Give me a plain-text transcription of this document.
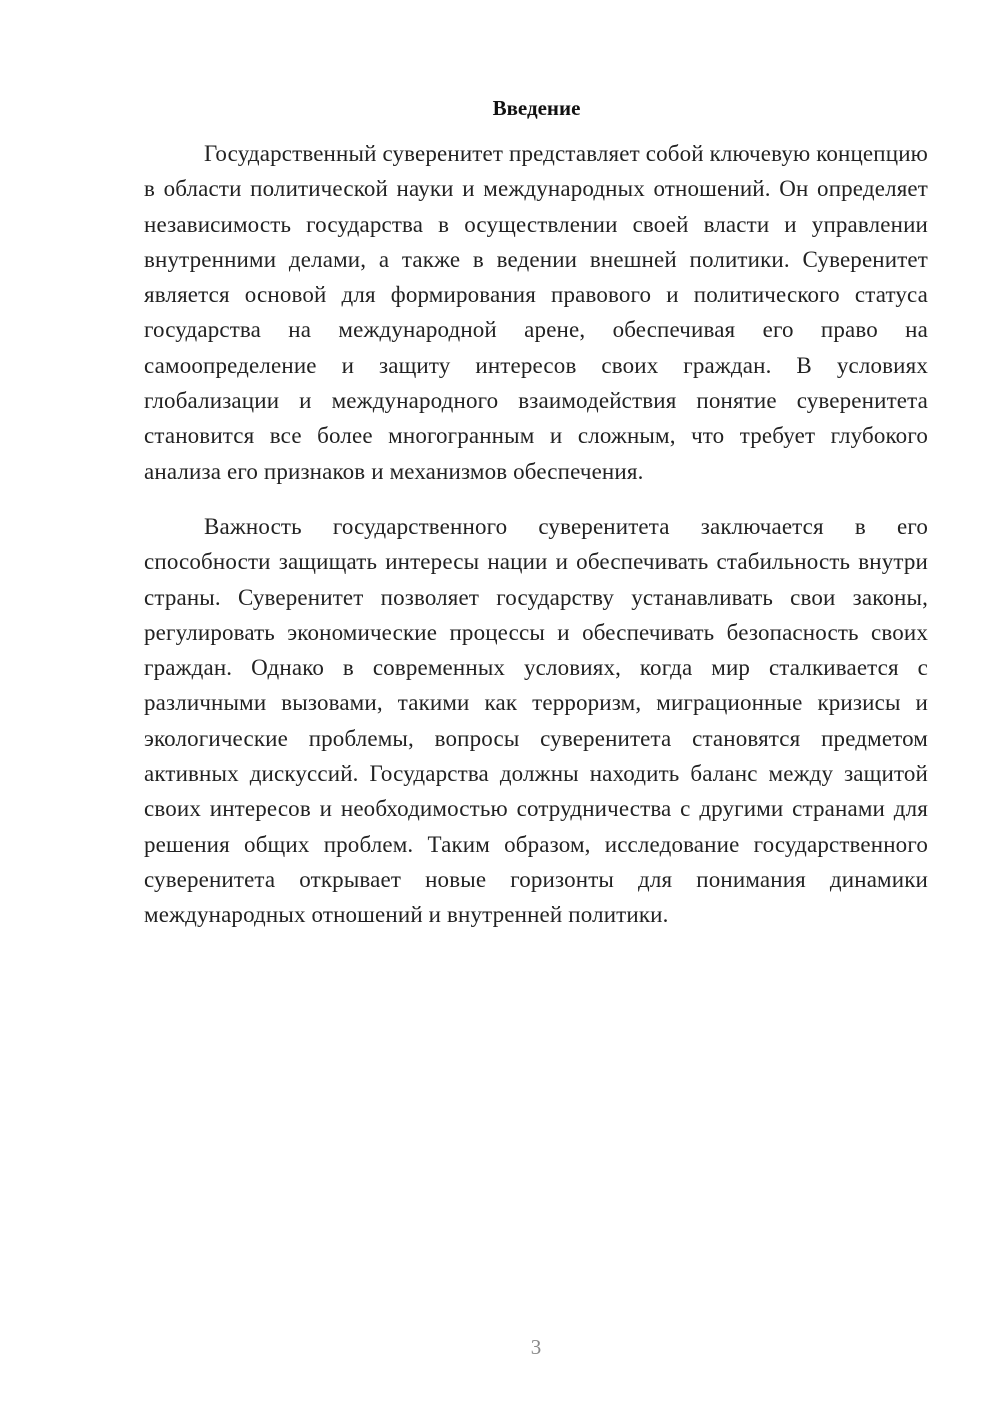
Введение

Государственный суверенитет представляет собой ключевую концепцию в области политической науки и международных отношений. Он определяет независимость государства в осуществлении своей власти и управлении внутренними делами, а также в ведении внешней политики. Суверенитет является основой для формирования правового и политического статуса государства на международной арене, обеспечивая его право на самоопределение и защиту интересов своих граждан. В условиях глобализации и международного взаимодействия понятие суверенитета становится все более многогранным и сложным, что требует глубокого анализа его признаков и механизмов обеспечения.

Важность государственного суверенитета заключается в его способности защищать интересы нации и обеспечивать стабильность внутри страны. Суверенитет позволяет государству устанавливать свои законы, регулировать экономические процессы и обеспечивать безопасность своих граждан. Однако в современных условиях, когда мир сталкивается с различными вызовами, такими как терроризм, миграционные кризисы и экологические проблемы, вопросы суверенитета становятся предметом активных дискуссий. Государства должны находить баланс между защитой своих интересов и необходимостью сотрудничества с другими странами для решения общих проблем. Таким образом, исследование государственного суверенитета открывает новые горизонты для понимания динамики международных отношений и внутренней политики.

3
